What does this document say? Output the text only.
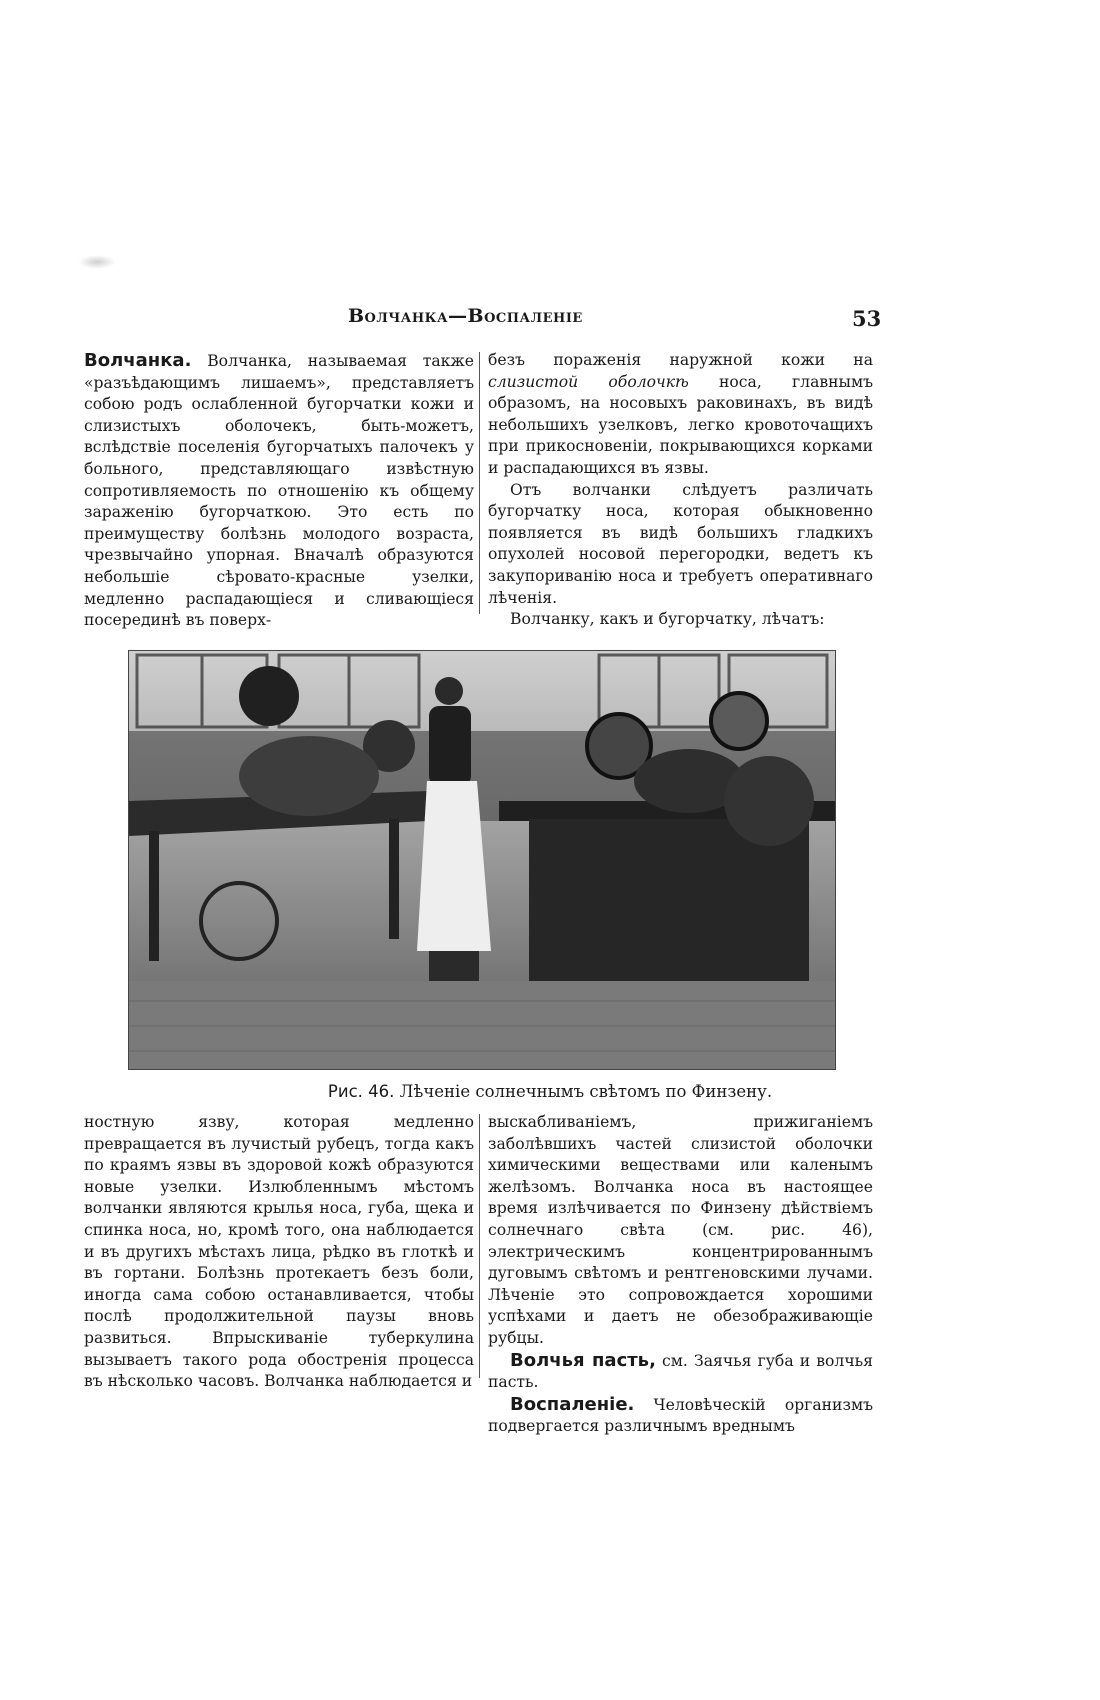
Волчанка—Воспаленіе	53

Волчанка. Волчанка, называемая также «разъѣдающимъ лишаемъ», представляетъ собою родъ ослабленной бугорчатки кожи и слизистыхъ оболочекъ, быть-можетъ, вслѣдствіе поселенія бугорчатыхъ палочекъ у больного, представляющаго извѣстную сопротивляемость по отношенію къ общему зараженію бугорчаткою. Это есть по преимуществу болѣзнь молодого возраста, чрезвычайно упорная. Вначалѣ образуются небольшіе сѣровато-красные узелки, медленно распадающіеся и сливающіеся посерединѣ въ поверх-

безъ пораженія наружной кожи на слизистой оболочкѣ носа, главнымъ образомъ, на носовыхъ раковинахъ, въ видѣ небольшихъ узелковъ, легко кровоточащихъ при прикосновеніи, покрывающихся корками и распадающихся въ язвы.

Отъ волчанки слѣдуетъ различать бугорчатку носа, которая обыкновенно появляется въ видѣ большихъ гладкихъ опухолей носовой перегородки, ведетъ къ закупориванію носа и требуетъ оперативнаго лѣченія.

Волчанку, какъ и бугорчатку, лѣчатъ:

Рис. 46. Лѣченіе солнечнымъ свѣтомъ по Финзену.

ностную язву, которая медленно превращается въ лучистый рубецъ, тогда какъ по краямъ язвы въ здоровой кожѣ образуются новые узелки. Излюбленнымъ мѣстомъ волчанки являются крылья носа, губа, щека и спинка носа, но, кромѣ того, она наблюдается и въ другихъ мѣстахъ лица, рѣдко въ глоткѣ и въ гортани. Болѣзнь протекаетъ безъ боли, иногда сама собою останавливается, чтобы послѣ продолжительной паузы вновь развиться. Впрыскиваніе туберкулина вызываетъ такого рода обостренія процесса въ нѣсколько часовъ. Волчанка наблюдается и

выскабливаніемъ, прижиганіемъ заболѣвшихъ частей слизистой оболочки химическими веществами или каленымъ желѣзомъ. Волчанка носа въ настоящее время излѣчивается по Финзену дѣйствіемъ солнечнаго свѣта (см. рис. 46), электрическимъ концентрированнымъ дуговымъ свѣтомъ и рентгеновскими лучами. Лѣченіе это сопровождается хорошими успѣхами и даетъ не обезображивающіе рубцы.

Волчья пасть, см. Заячья губа и волчья пасть.

Воспаленіе. Человѣческій организмъ подвергается различнымъ вреднымъ
